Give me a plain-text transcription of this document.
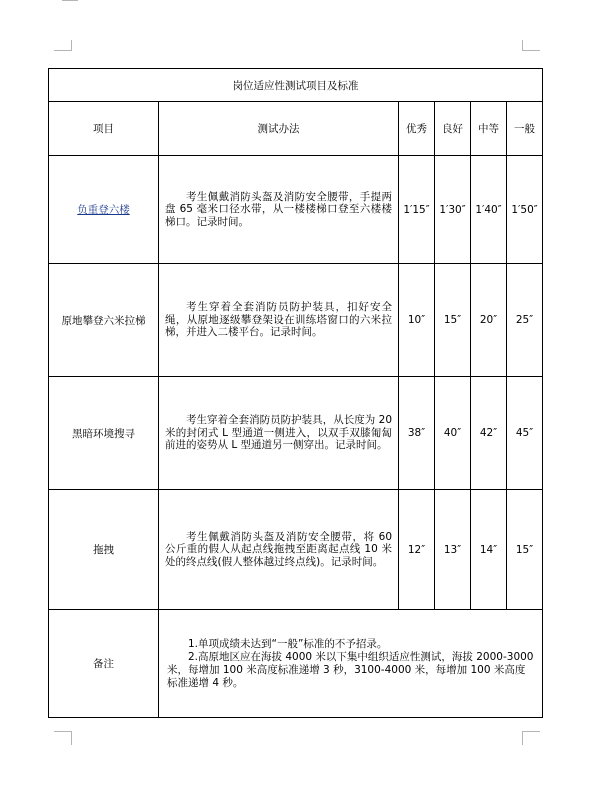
岗位适应性测试项目及标准					
项目	测试办法	优秀	良好	中等	一般
负重登六楼	考生佩戴消防头盔及消防安全腰带，手提两盘 65 毫米口径水带，从一楼楼梯口登至六楼楼梯口。记录时间。	1′15″	1′30″	1′40″	1′50″
原地攀登六米拉梯	考生穿着全套消防员防护装具，扣好安全绳，从原地逐级攀登架设在训练塔窗口的六米拉梯，并进入二楼平台。记录时间。	10″	15″	20″	25″
黑暗环境搜寻	考生穿着全套消防员防护装具，从长度为 20 米的封闭式 L 型通道一侧进入，以双手双膝匍匐前进的姿势从 L 型通道另一侧穿出。记录时间。	38″	40″	42″	45″
拖拽	考生佩戴消防头盔及消防安全腰带，将 60 公斤重的假人从起点线拖拽至距离起点线 10 米处的终点线(假人整体越过终点线)。记录时间。	12″	13″	14″	15″
备注	1.单项成绩未达到“一般”标准的不予招录。
2.高原地区应在海拔 4000 米以下集中组织适应性测试，海拔 2000-3000 米，每增加 100 米高度标准递增 3 秒，3100-4000 米，每增加 100 米高度标准递增 4 秒。				
